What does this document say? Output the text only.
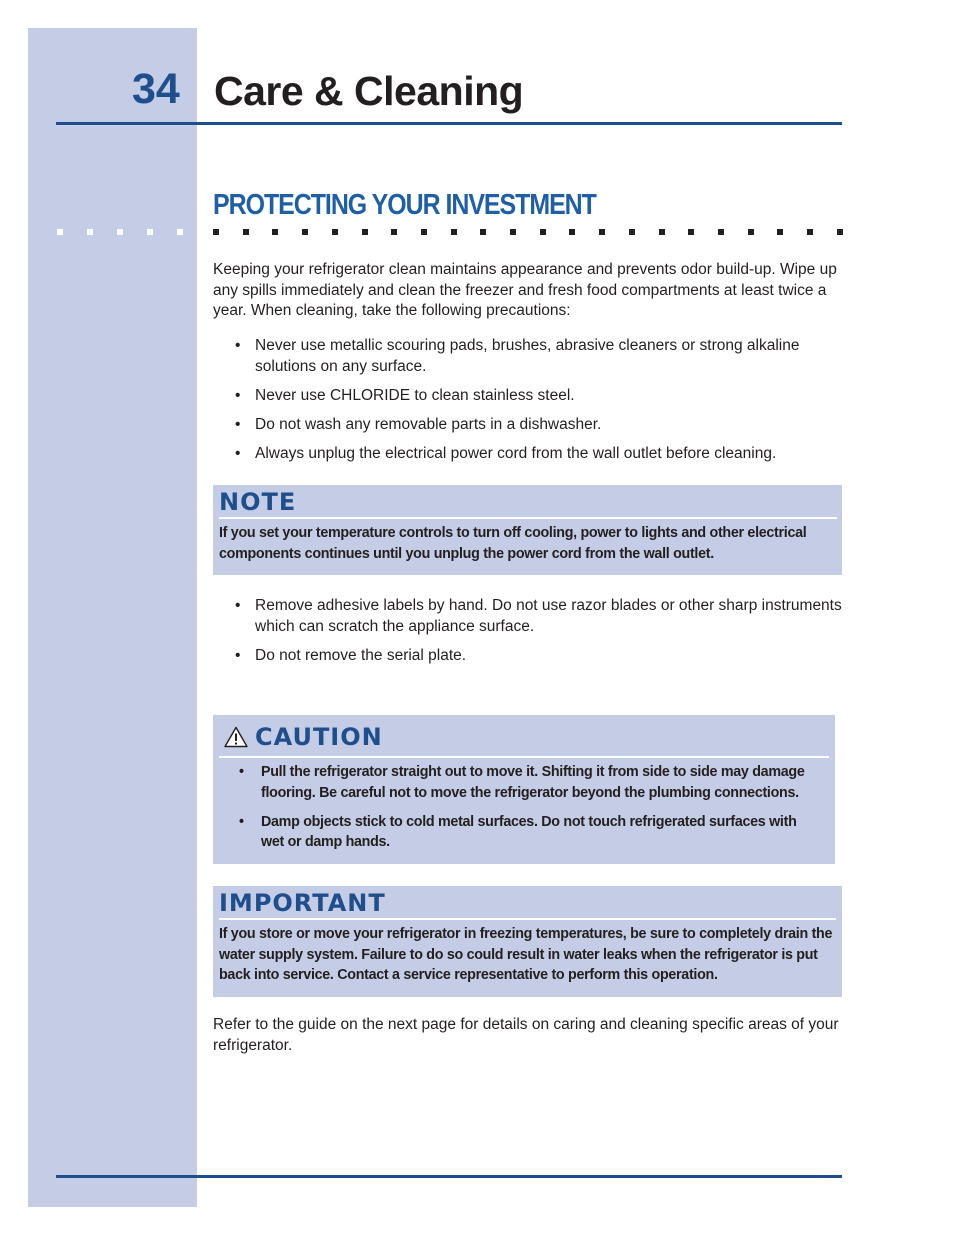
34 Care & Cleaning
PROTECTING YOUR INVESTMENT
Keeping your refrigerator clean maintains appearance and prevents odor build-up. Wipe up any spills immediately and clean the freezer and fresh food compartments at least twice a year. When cleaning, take the following precautions:
• Never use metallic scouring pads, brushes, abrasive cleaners or strong alkaline solutions on any surface.
• Never use CHLORIDE to clean stainless steel.
• Do not wash any removable parts in a dishwasher.
• Always unplug the electrical power cord from the wall outlet before cleaning.
NOTE
If you set your temperature controls to turn off cooling, power to lights and other electrical components continues until you unplug the power cord from the wall outlet.
• Remove adhesive labels by hand. Do not use razor blades or other sharp instruments which can scratch the appliance surface.
• Do not remove the serial plate.
CAUTION
• Pull the refrigerator straight out to move it. Shifting it from side to side may damage flooring. Be careful not to move the refrigerator beyond the plumbing connections.
• Damp objects stick to cold metal surfaces. Do not touch refrigerated surfaces with wet or damp hands.
IMPORTANT
If you store or move your refrigerator in freezing temperatures, be sure to completely drain the water supply system. Failure to do so could result in water leaks when the refrigerator is put back into service. Contact a service representative to perform this operation.
Refer to the guide on the next page for details on caring and cleaning specific areas of your refrigerator.
